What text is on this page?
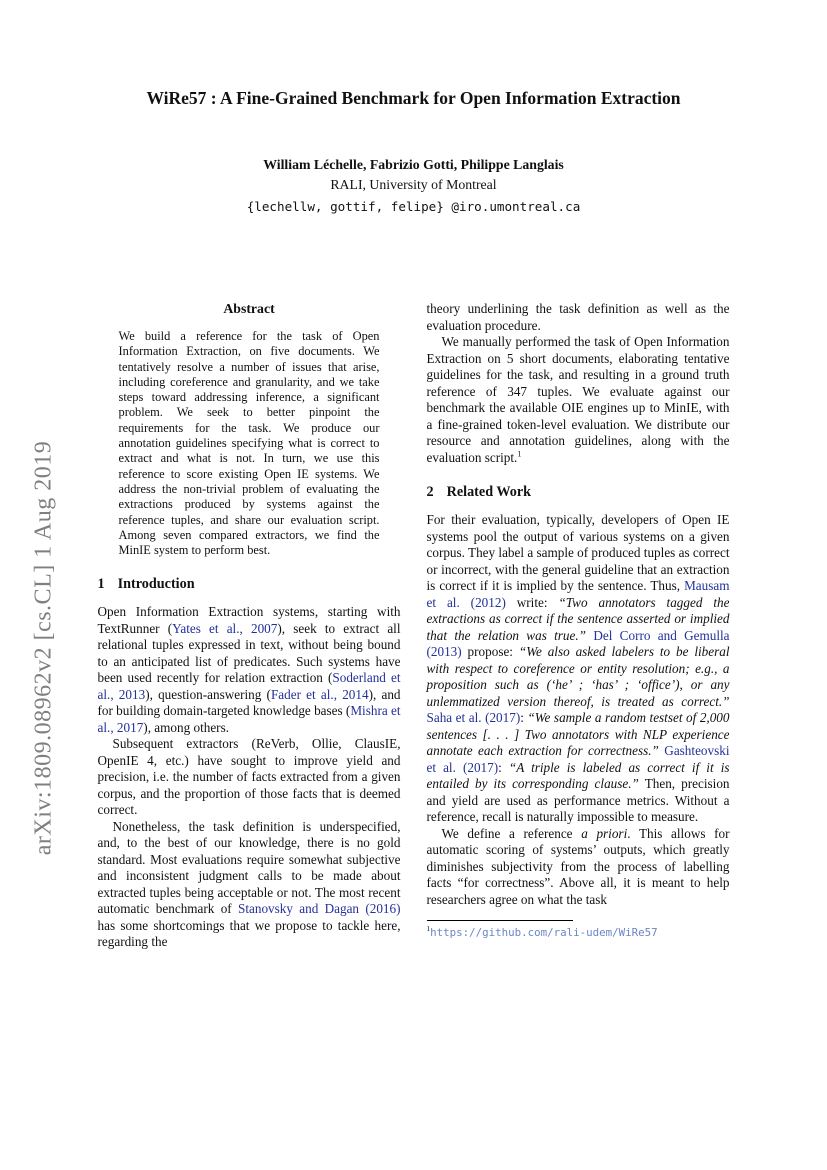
arXiv:1809.08962v2 [cs.CL] 1 Aug 2019
WiRe57 : A Fine-Grained Benchmark for Open Information Extraction
William Léchelle, Fabrizio Gotti, Philippe Langlais
RALI, University of Montreal
{lechellw, gottif, felipe} @iro.umontreal.ca
Abstract
We build a reference for the task of Open Information Extraction, on five documents. We tentatively resolve a number of issues that arise, including coreference and granularity, and we take steps toward addressing inference, a significant problem. We seek to better pinpoint the requirements for the task. We produce our annotation guidelines specifying what is correct to extract and what is not. In turn, we use this reference to score existing Open IE systems. We address the non-trivial problem of evaluating the extractions produced by systems against the reference tuples, and share our evaluation script. Among seven compared extractors, we find the MinIE system to perform best.
1 Introduction

Open Information Extraction systems, starting with TextRunner (Yates et al., 2007), seek to extract all relational tuples expressed in text, without being bound to an anticipated list of predicates. Such systems have been used recently for relation extraction (Soderland et al., 2013), question-answering (Fader et al., 2014), and for building domain-targeted knowledge bases (Mishra et al., 2017), among others.

Subsequent extractors (ReVerb, Ollie, ClausIE, OpenIE 4, etc.) have sought to improve yield and precision, i.e. the number of facts extracted from a given corpus, and the proportion of those facts that is deemed correct.

Nonetheless, the task definition is underspecified, and, to the best of our knowledge, there is no gold standard. Most evaluations require somewhat subjective and inconsistent judgment calls to be made about extracted tuples being acceptable or not. The most recent automatic benchmark of Stanovsky and Dagan (2016) has some shortcomings that we propose to tackle here, regarding the

theory underlining the task definition as well as the evaluation procedure.

We manually performed the task of Open Information Extraction on 5 short documents, elaborating tentative guidelines for the task, and resulting in a ground truth reference of 347 tuples. We evaluate against our benchmark the available OIE engines up to MinIE, with a fine-grained token-level evaluation. We distribute our resource and annotation guidelines, along with the evaluation script.$^1$

2 Related Work

For their evaluation, typically, developers of Open IE systems pool the output of various systems on a given corpus. They label a sample of produced tuples as correct or incorrect, with the general guideline that an extraction is correct if it is implied by the sentence. Thus, Mausam et al. (2012) write: “Two annotators tagged the extractions as correct if the sentence asserted or implied that the relation was true.” Del Corro and Gemulla (2013) propose: “We also asked labelers to be liberal with respect to coreference or entity resolution; e.g., a proposition such as (‘he’ ; ‘has’ ; ‘office’), or any unlemmatized version thereof, is treated as correct.” Saha et al. (2017): “We sample a random testset of 2,000 sentences [. . . ] Two annotators with NLP experience annotate each extraction for correctness.” Gashteovski et al. (2017): “A triple is labeled as correct if it is entailed by its corresponding clause.” Then, precision and yield are used as performance metrics. Without a reference, recall is naturally impossible to measure.

We define a reference a priori. This allows for automatic scoring of systems’ outputs, which greatly diminishes subjectivity from the process of labelling facts “for correctness”. Above all, it is meant to help researchers agree on what the task

$^1$https://github.com/rali-udem/WiRe57
